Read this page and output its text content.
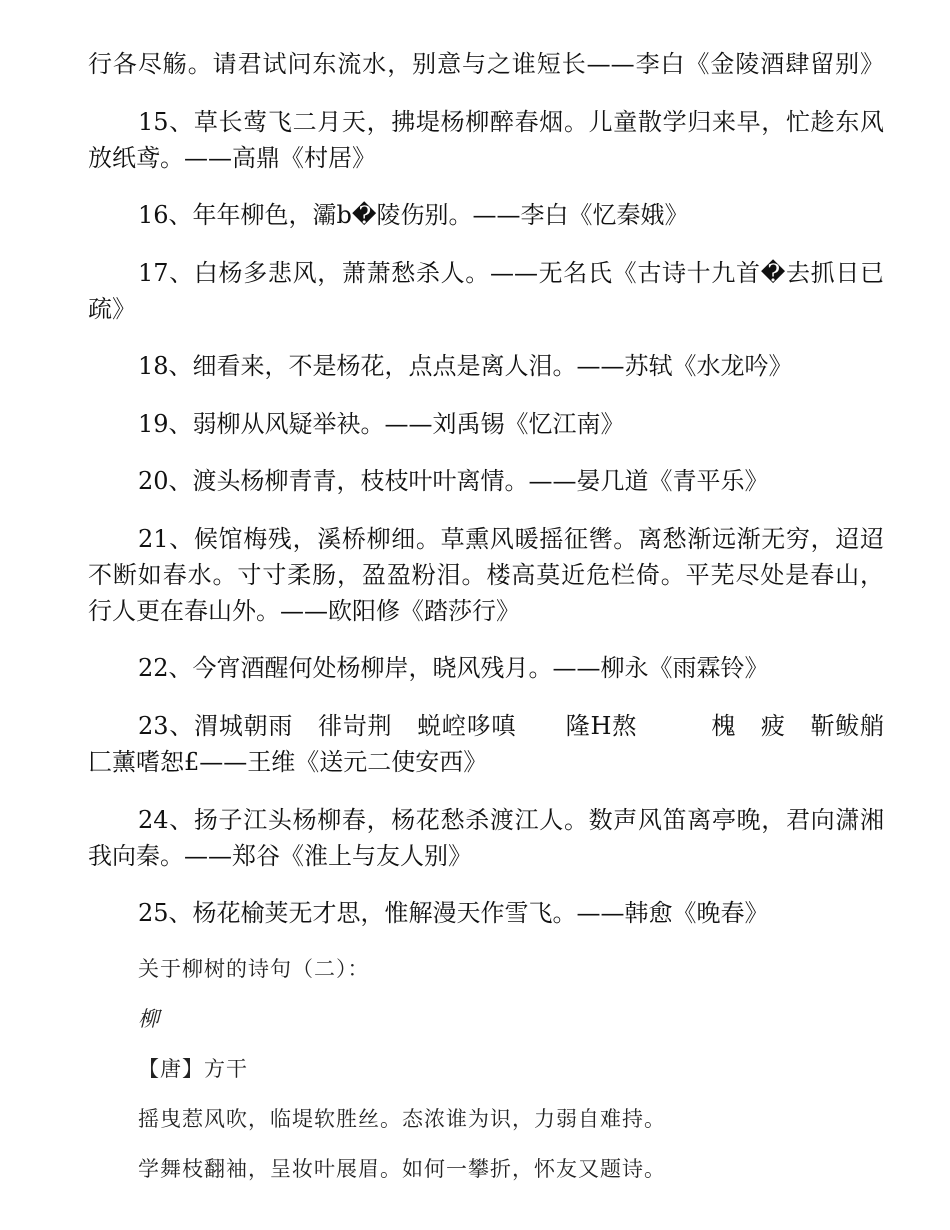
行各尽觞。请君试问东流水，别意与之谁短长——李白《金陵酒肆留别》
15、草长莺飞二月天，拂堤杨柳醉春烟。儿童散学归来早，忙趁东风
放纸鸢。——高鼎《村居》
16、年年柳色，灞b�陵伤别。——李白《忆秦娥》
17、白杨多悲风，萧萧愁杀人。——无名氏《古诗十九首�去抓日已
疏》
18、细看来，不是杨花，点点是离人泪。——苏轼《水龙吟》
19、弱柳从风疑举袂。——刘禹锡《忆江南》
20、渡头杨柳青青，枝枝叶叶离情。——晏几道《青平乐》
21、候馆梅残，溪桥柳细。草熏风暖摇征辔。离愁渐远渐无穷，迢迢
不断如春水。寸寸柔肠，盈盈粉泪。楼高莫近危栏倚。平芜尽处是春山，
行人更在春山外。——欧阳修《踏莎行》
22、今宵酒醒何处杨柳岸，晓风残月。——柳永《雨霖铃》
23、渭城朝雨　徘岢荆　蜕崆哆嗔　　隆H熬　　　槐　疲　靳鲅艄
匚薰嗜恕£——王维《送元二使安西》
24、扬子江头杨柳春，杨花愁杀渡江人。数声风笛离亭晚，君向潇湘
我向秦。——郑谷《淮上与友人别》
25、杨花榆荚无才思，惟解漫天作雪飞。——韩愈《晚春》
关于柳树的诗句（二）：
柳
【唐】方干
摇曳惹风吹，临堤软胜丝。态浓谁为识，力弱自难持。
学舞枝翻袖，呈妆叶展眉。如何一攀折，怀友又题诗。
